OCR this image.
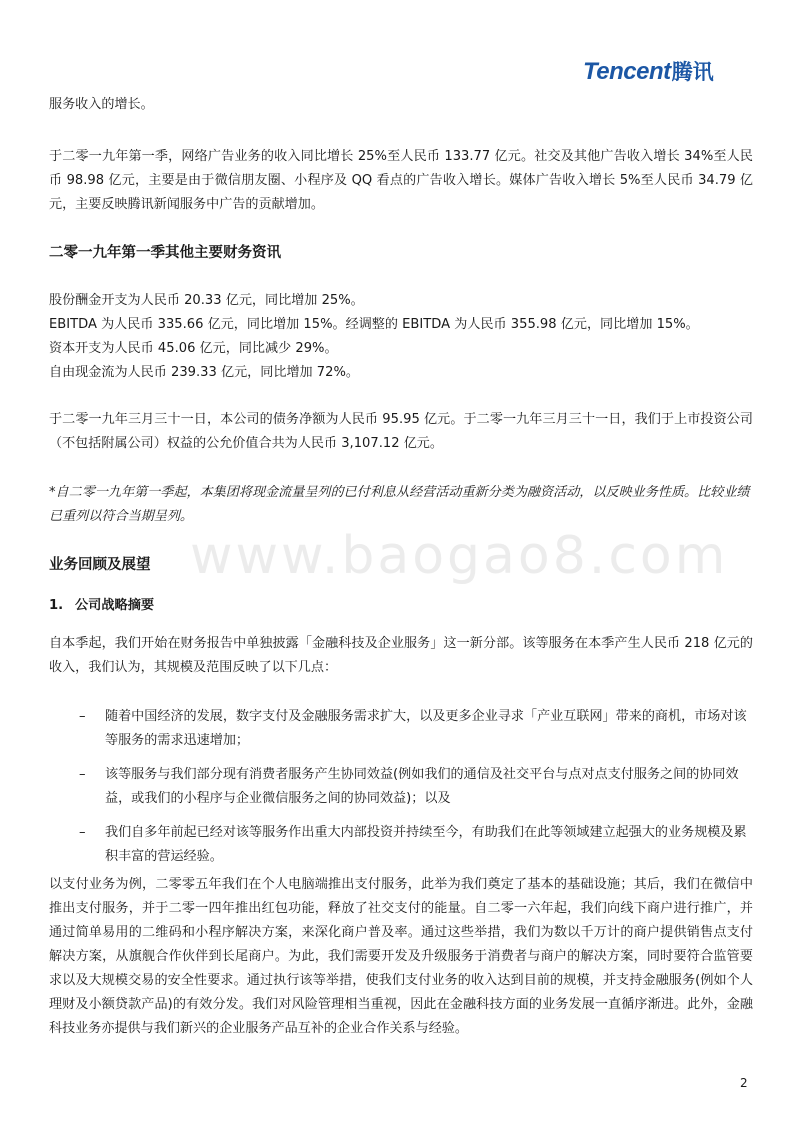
Tencent腾讯
www.baogao8.com

服务收入的增长。

于二零一九年第一季，网络广告业务的收入同比增长 25%至人民币 133.77 亿元。社交及其他广告收入增长 34%至人民币 98.98 亿元，主要是由于微信朋友圈、小程序及 QQ 看点的广告收入增长。媒体广告收入增长 5%至人民币 34.79 亿元，主要反映腾讯新闻服务中广告的贡献增加。

二零一九年第一季其他主要财务资讯

股份酬金开支为人民币 20.33 亿元，同比增加 25%。

EBITDA 为人民币 335.66 亿元，同比增加 15%。经调整的 EBITDA 为人民币 355.98 亿元，同比增加 15%。

资本开支为人民币 45.06 亿元，同比减少 29%。

自由现金流为人民币 239.33 亿元，同比增加 72%。

于二零一九年三月三十一日，本公司的债务净额为人民币 95.95 亿元。于二零一九年三月三十一日，我们于上市投资公司（不包括附属公司）权益的公允价值合共为人民币 3,107.12 亿元。

*自二零一九年第一季起，本集团将现金流量呈列的已付利息从经营活动重新分类为融资活动，以反映业务性质。比较业绩已重列以符合当期呈列。

业务回顾及展望
1. 公司战略摘要

自本季起，我们开始在财务报告中单独披露「金融科技及企业服务」这一新分部。该等服务在本季产生人民币 218 亿元的收入，我们认为，其规模及范围反映了以下几点：

– 随着中国经济的发展，数字支付及金融服务需求扩大，以及更多企业寻求「产业互联网」带来的商机，市场对该等服务的需求迅速增加；
– 该等服务与我们部分现有消费者服务产生协同效益(例如我们的通信及社交平台与点对点支付服务之间的协同效益，或我们的小程序与企业微信服务之间的协同效益)；以及
– 我们自多年前起已经对该等服务作出重大内部投资并持续至今，有助我们在此等领域建立起强大的业务规模及累积丰富的营运经验。

以支付业务为例，二零零五年我们在个人电脑端推出支付服务，此举为我们奠定了基本的基础设施；其后，我们在微信中推出支付服务，并于二零一四年推出红包功能，释放了社交支付的能量。自二零一六年起，我们向线下商户进行推广，并通过简单易用的二维码和小程序解决方案，来深化商户普及率。通过这些举措，我们为数以千万计的商户提供销售点支付解决方案，从旗舰合作伙伴到长尾商户。为此，我们需要开发及升级服务于消费者与商户的解决方案，同时要符合监管要求以及大规模交易的安全性要求。通过执行该等举措，使我们支付业务的收入达到目前的规模，并支持金融服务(例如个人理财及小额贷款产品)的有效分发。我们对风险管理相当重视，因此在金融科技方面的业务发展一直循序渐进。此外，金融科技业务亦提供与我们新兴的企业服务产品互补的企业合作关系与经验。

2
